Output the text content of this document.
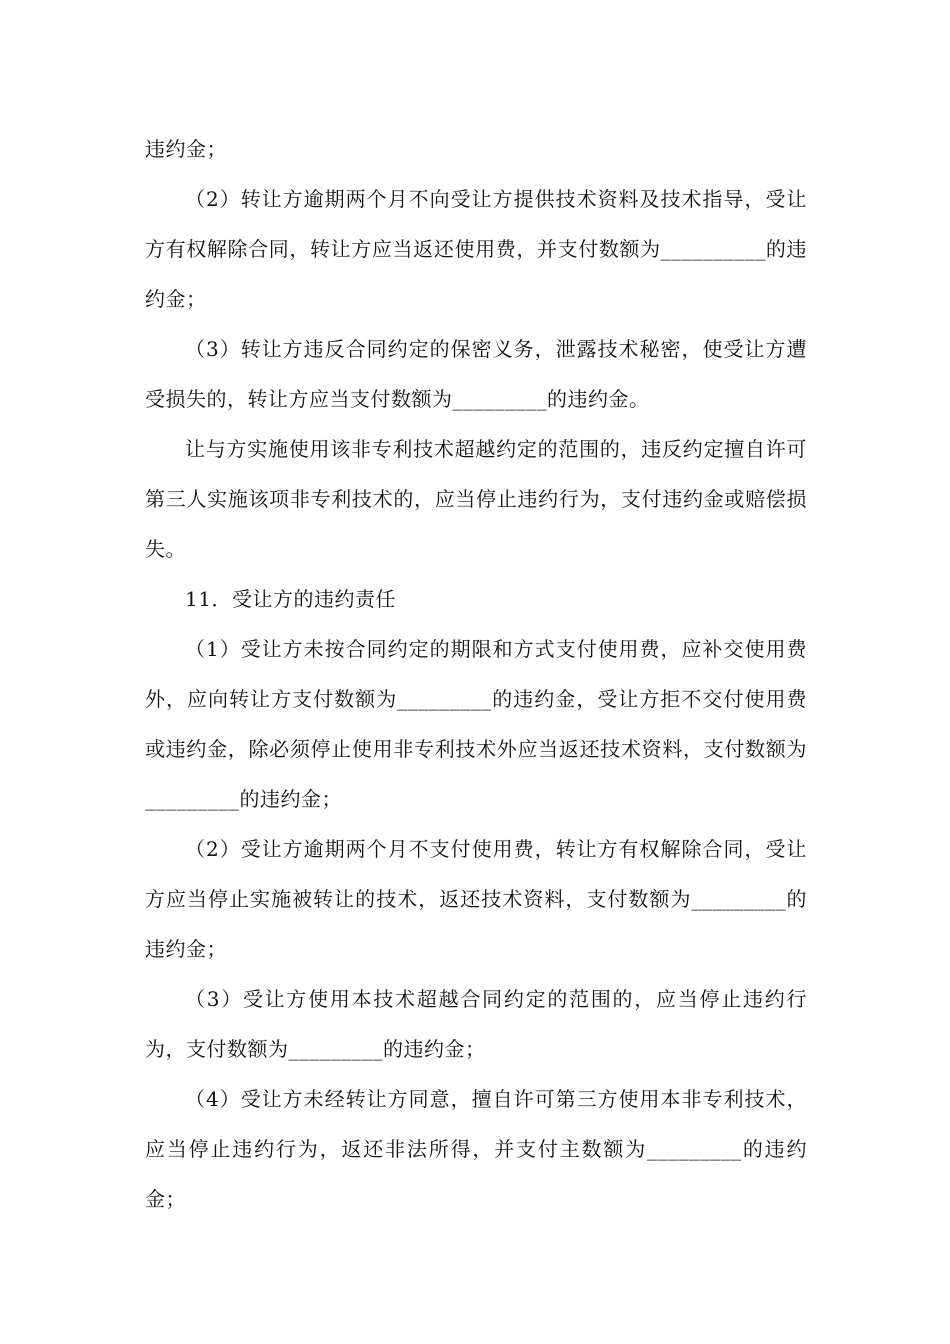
违约金；

（2）转让方逾期两个月不向受让方提供技术资料及技术指导，受让方有权解除合同，转让方应当返还使用费，并支付数额为__________的违约金；

（3）转让方违反合同约定的保密义务，泄露技术秘密，使受让方遭受损失的，转让方应当支付数额为_________的违约金。

让与方实施使用该非专利技术超越约定的范围的，违反约定擅自许可第三人实施该项非专利技术的，应当停止违约行为，支付违约金或赔偿损失。

11．受让方的违约责任

（1）受让方未按合同约定的期限和方式支付使用费，应补交使用费外，应向转让方支付数额为_________的违约金，受让方拒不交付使用费或违约金，除必须停止使用非专利技术外应当返还技术资料，支付数额为_________的违约金；

（2）受让方逾期两个月不支付使用费，转让方有权解除合同，受让方应当停止实施被转让的技术，返还技术资料，支付数额为_________的违约金；

（3）受让方使用本技术超越合同约定的范围的，应当停止违约行为，支付数额为_________的违约金；

（4）受让方未经转让方同意，擅自许可第三方使用本非专利技术，应当停止违约行为，返还非法所得，并支付主数额为_________的违约金；
